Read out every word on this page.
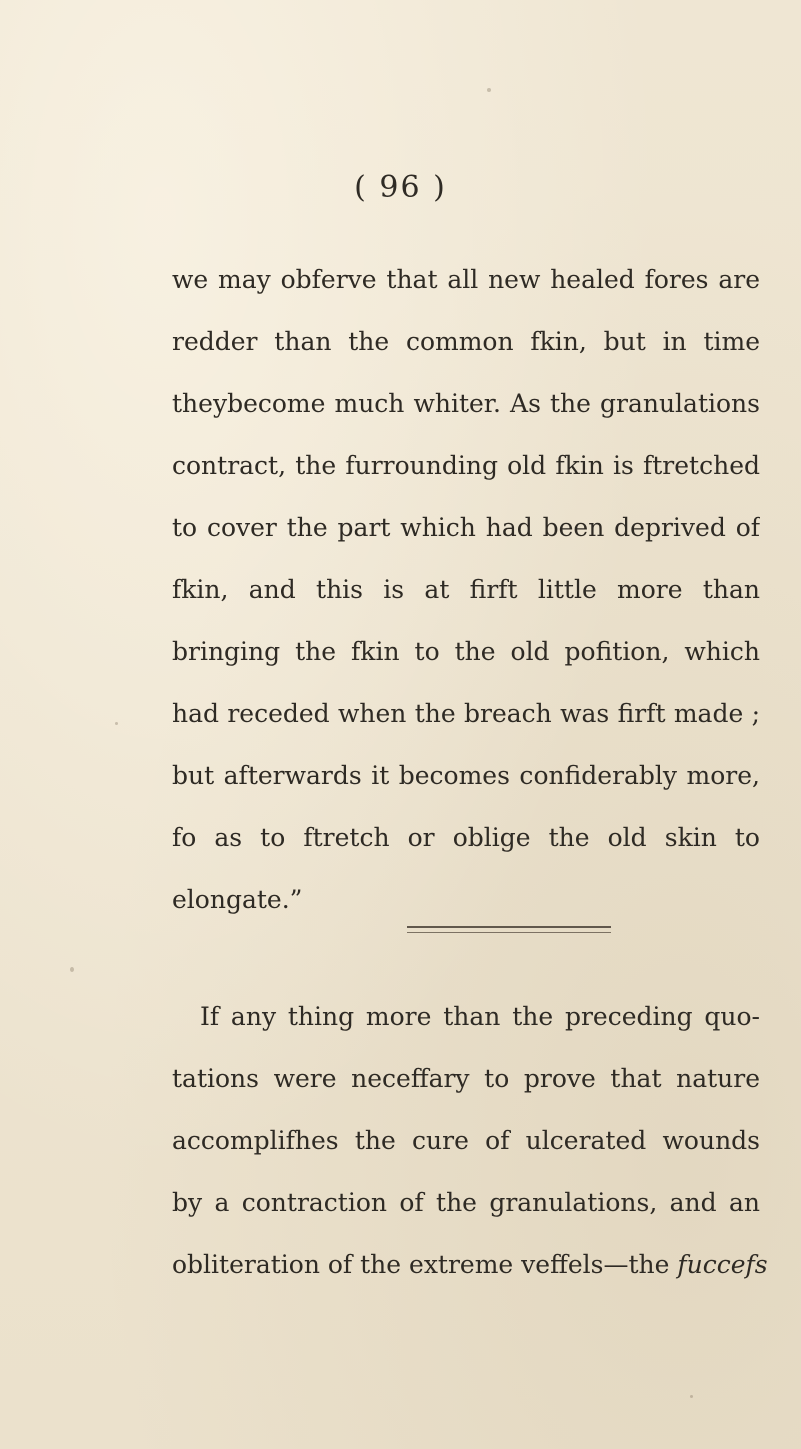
( 96 )
we may obferve that all new healed fores are
redder than the common fkin, but in time
theybecome much whiter. As the granulations
contract, the furrounding old fkin is ftretched
to cover the part which had been deprived of
fkin, and this is at firft little more than
bringing the fkin to the old pofition, which
had receded when the breach was firft made ;
but afterwards it becomes confiderably more,
fo as to ftretch or oblige the old skin to
elongate.”
If any thing more than the preceding quo-
tations were neceffary to prove that nature
accomplifhes the cure of ulcerated wounds
by a contraction of the granulations, and an
obliteration of the extreme veffels—the fuccefs
